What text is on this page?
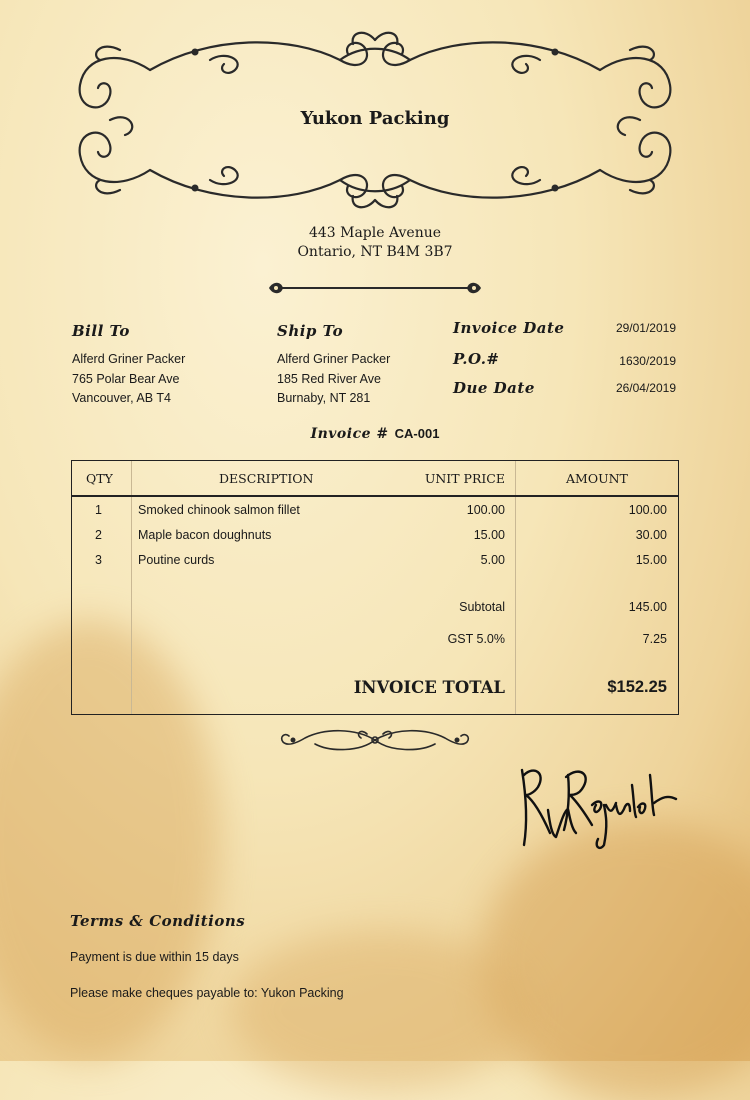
Yukon Packing
443 Maple Avenue
Ontario, NT B4M 3B7
Bill To
Alferd Griner Packer
765 Polar Bear Ave
Vancouver, AB T4
Ship To
Alferd Griner Packer
185 Red River Ave
Burnaby, NT 281
Invoice Date	29/01/2019
P.O.#	1630/2019
Due Date	26/04/2019
Invoice # CA-001
QTY	DESCRIPTION	UNIT PRICE	AMOUNT
1	Smoked chinook salmon fillet	100.00	100.00
2	Maple bacon doughnuts	15.00	30.00
3	Poutine curds	5.00	15.00
Subtotal	145.00
GST 5.0%	7.25
INVOICE TOTAL	$152.25
Terms & Conditions
Payment is due within 15 days
Please make cheques payable to: Yukon Packing
